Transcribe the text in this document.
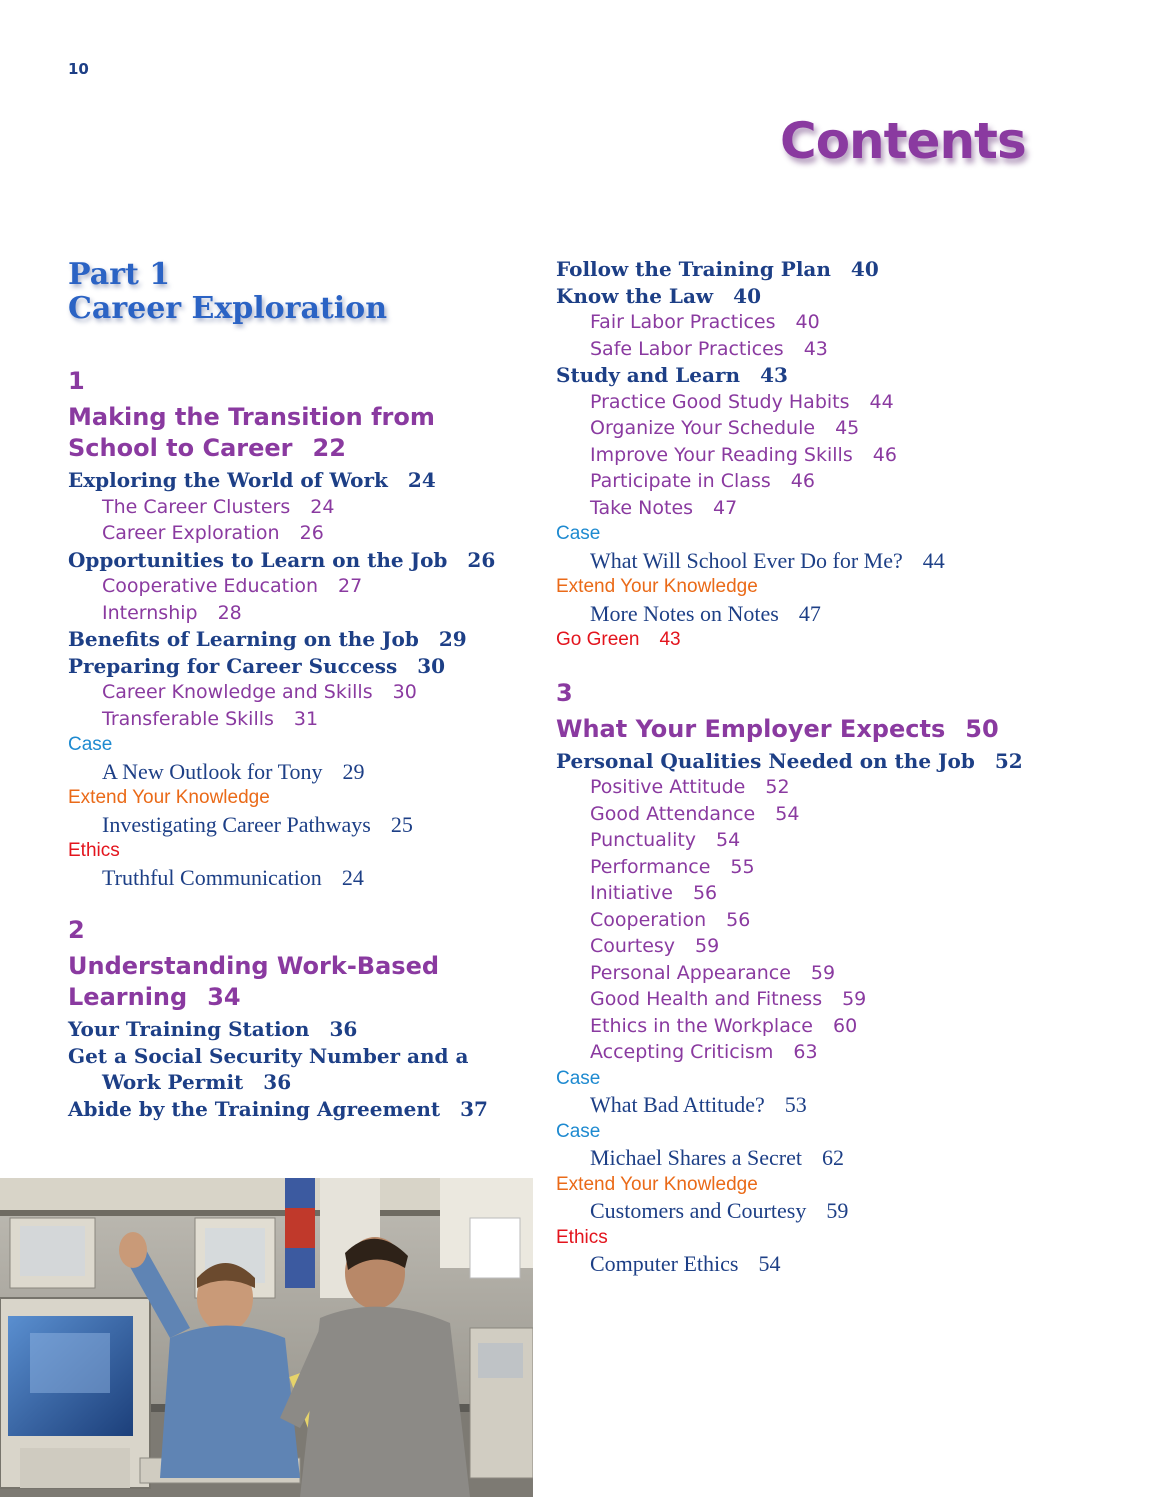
10
Contents
Part 1
Career Exploration
1
Making the Transition from School to Career 22
Exploring the World of Work 24
The Career Clusters 24
Career Exploration 26
Opportunities to Learn on the Job 26
Cooperative Education 27
Internship 28
Benefits of Learning on the Job 29
Preparing for Career Success 30
Career Knowledge and Skills 30
Transferable Skills 31
Case
A New Outlook for Tony 29
Extend Your Knowledge
Investigating Career Pathways 25
Ethics
Truthful Communication 24
2
Understanding Work-Based Learning 34
Your Training Station 36
Get a Social Security Number and a Work Permit 36
Abide by the Training Agreement 37
Follow the Training Plan 40
Know the Law 40
Fair Labor Practices 40
Safe Labor Practices 43
Study and Learn 43
Practice Good Study Habits 44
Organize Your Schedule 45
Improve Your Reading Skills 46
Participate in Class 46
Take Notes 47
Case
What Will School Ever Do for Me? 44
Extend Your Knowledge
More Notes on Notes 47
Go Green 43
3
What Your Employer Expects 50
Personal Qualities Needed on the Job 52
Positive Attitude 52
Good Attendance 54
Punctuality 54
Performance 55
Initiative 56
Cooperation 56
Courtesy 59
Personal Appearance 59
Good Health and Fitness 59
Ethics in the Workplace 60
Accepting Criticism 63
Case
What Bad Attitude? 53
Case
Michael Shares a Secret 62
Extend Your Knowledge
Customers and Courtesy 59
Ethics
Computer Ethics 54
